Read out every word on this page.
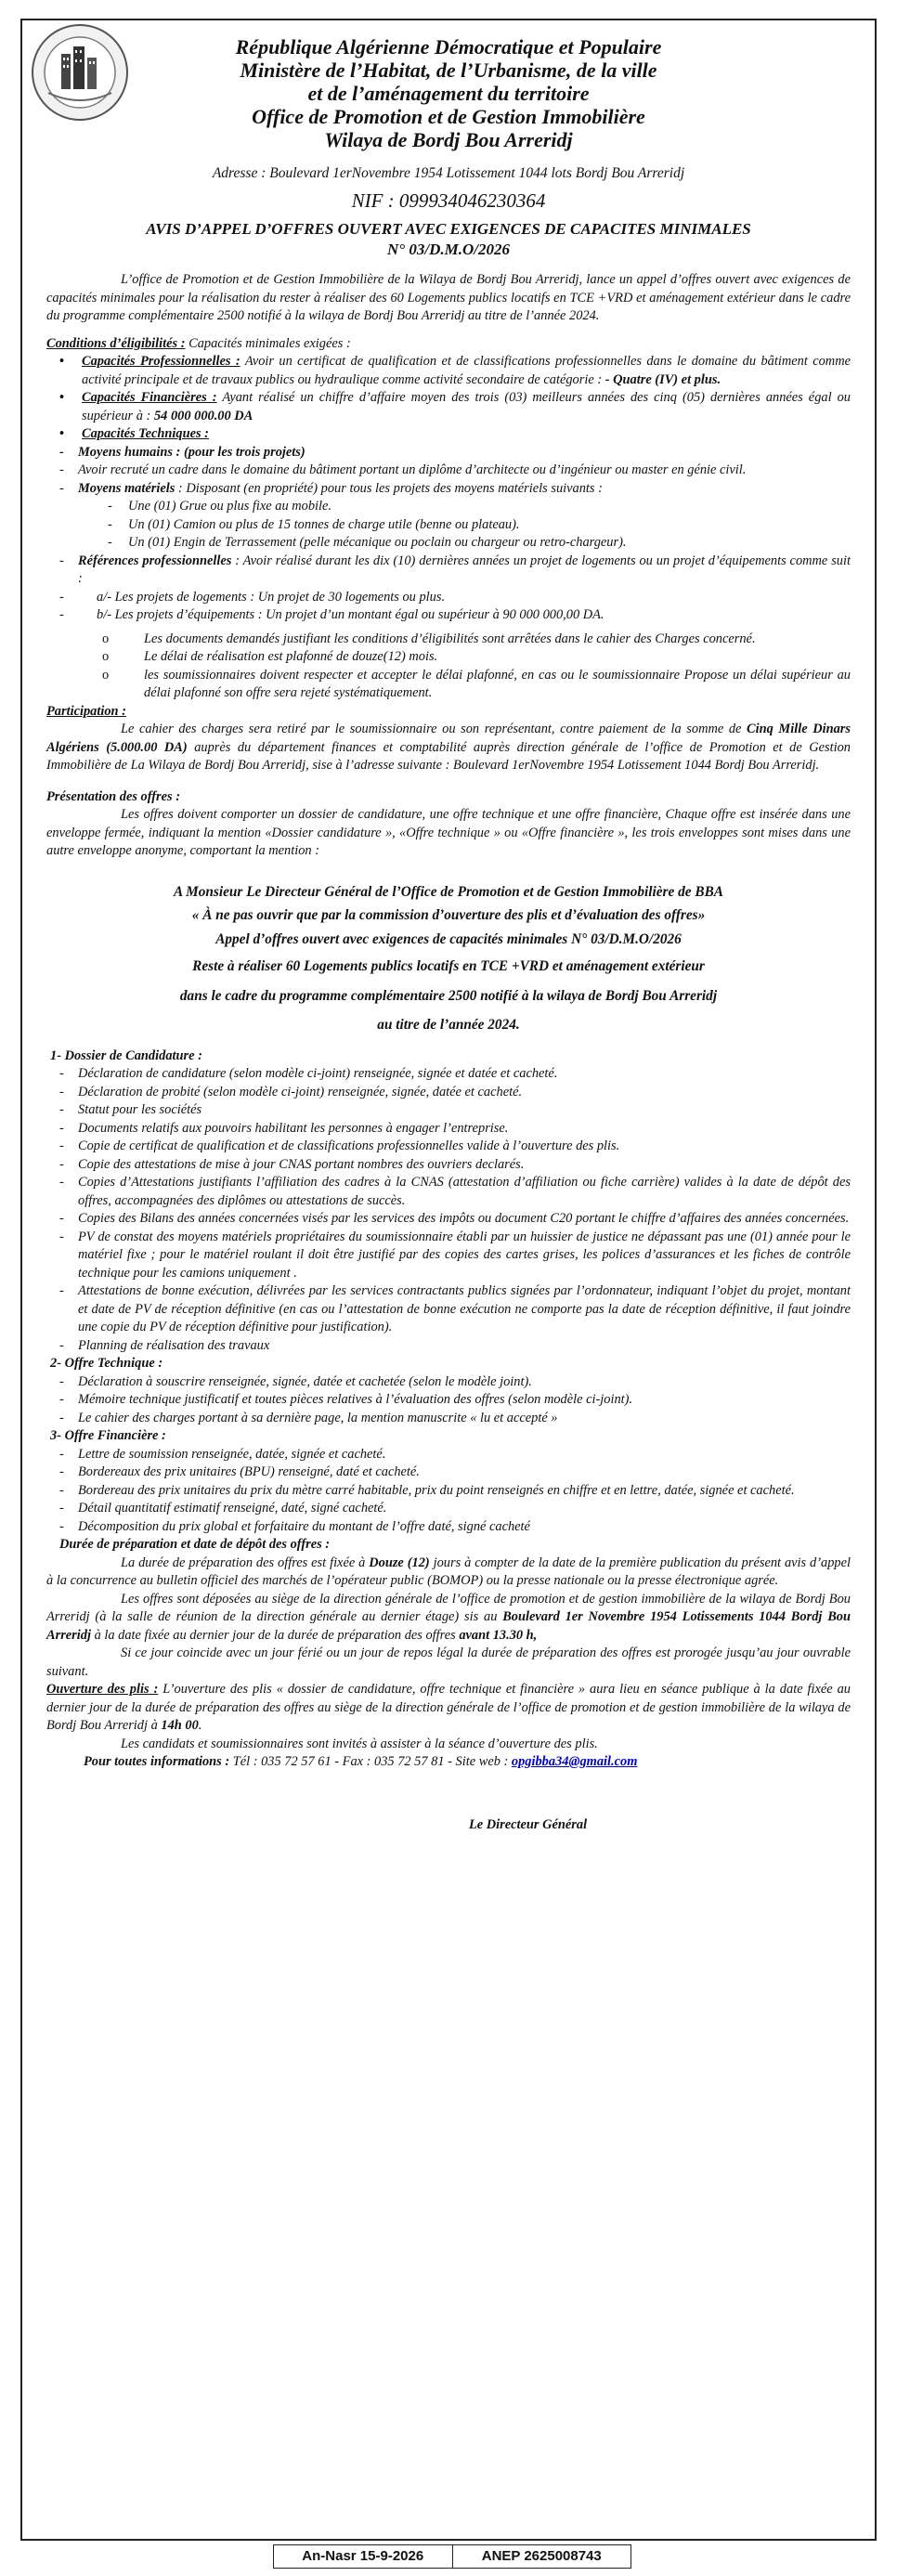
République Algérienne Démocratique et Populaire
Ministère de l’Habitat, de l’Urbanisme, de la ville
et de l’aménagement du territoire
Office de Promotion et de Gestion Immobilière
Wilaya de Bordj Bou Arreridj
Adresse : Boulevard 1erNovembre 1954 Lotissement 1044 lots Bordj Bou Arreridj
NIF : 099934046230364
AVIS D’APPEL D’OFFRES OUVERT AVEC EXIGENCES DE CAPACITES MINIMALES
N° 03/D.M.O/2026

L’office de Promotion et de Gestion Immobilière de la Wilaya de Bordj Bou Arreridj, lance un appel d’offres ouvert avec exigences de capacités minimales pour la réalisation du rester à réaliser des 60 Logements publics locatifs en TCE +VRD et aménagement extérieur dans le cadre du programme complémentaire 2500 notifié à la wilaya de Bordj Bou Arreridj au titre de l’année 2024.

Conditions d’éligibilités : Capacités minimales exigées :

• Capacités Professionnelles : Avoir un certificat de qualification et de classifications professionnelles dans le domaine du bâtiment comme activité principale et de travaux publics ou hydraulique comme activité secondaire de catégorie : - Quatre (IV) et plus.

• Capacités Financières : Ayant réalisé un chiffre d’affaire moyen des trois (03) meilleurs années des cinq (05) dernières années égal ou supérieur à : 54 000 000.00 DA

• Capacités Techniques :

- Moyens humains : (pour les trois projets)

- Avoir recruté un cadre dans le domaine du bâtiment portant un diplôme d’architecte ou d’ingénieur ou master en génie civil.

- Moyens matériels : Disposant (en propriété) pour tous les projets des moyens matériels suivants :

- Une (01) Grue ou plus fixe au mobile.

- Un (01) Camion ou plus de 15 tonnes de charge utile (benne ou plateau).

- Un (01) Engin de Terrassement (pelle mécanique ou poclain ou chargeur ou retro-chargeur).

- Références professionnelles : Avoir réalisé durant les dix (10) dernières années un projet de logements ou un projet d’équipements comme suit :

- a/- Les projets de logements : Un projet de 30 logements ou plus.

- b/- Les projets d’équipements : Un projet d’un montant égal ou supérieur à 90 000 000,00 DA.

o Les documents demandés justifiant les conditions d’éligibilités sont arrêtées dans le cahier des Charges concerné.

o Le délai de réalisation est plafonné de douze(12) mois.

o les soumissionnaires doivent respecter et accepter le délai plafonné, en cas ou le soumissionnaire Propose un délai supérieur au délai plafonné son offre sera rejeté systématiquement.

Participation :

Le cahier des charges sera retiré par le soumissionnaire ou son représentant, contre paiement de la somme de Cinq Mille Dinars Algériens (5.000.00 DA) auprès du département finances et comptabilité auprès direction générale de l’office de Promotion et de Gestion Immobilière de La Wilaya de Bordj Bou Arreridj, sise à l’adresse suivante : Boulevard 1erNovembre 1954 Lotissement 1044 Bordj Bou Arreridj.

Présentation des offres :

Les offres doivent comporter un dossier de candidature, une offre technique et une offre financière, Chaque offre est insérée dans une enveloppe fermée, indiquant la mention «Dossier candidature », «Offre technique » ou «Offre financière », les trois enveloppes sont mises dans une autre enveloppe anonyme, comportant la mention :

A Monsieur Le Directeur Général de l’Office de Promotion et de Gestion Immobilière de BBA

« À ne pas ouvrir que par la commission d’ouverture des plis et d’évaluation des offres»

Appel d’offres ouvert avec exigences de capacités minimales N° 03/D.M.O/2026

Reste à réaliser 60 Logements publics locatifs en TCE +VRD et aménagement extérieur

dans le cadre du programme complémentaire 2500 notifié à la wilaya de Bordj Bou Arreridj

au titre de l’année 2024.

1- Dossier de Candidature :

- Déclaration de candidature (selon modèle ci-joint) renseignée, signée et datée et cacheté.

- Déclaration de probité (selon modèle ci-joint) renseignée, signée, datée et cacheté.

- Statut pour les sociétés

- Documents relatifs aux pouvoirs habilitant les personnes à engager l’entreprise.

- Copie de certificat de qualification et de classifications professionnelles valide à l’ouverture des plis.

- Copie des attestations de mise à jour CNAS portant nombres des ouvriers declarés.

- Copies d’Attestations justifiants l’affiliation des cadres à la CNAS (attestation d’affiliation ou fiche carrière) valides à la date de dépôt des offres, accompagnées des diplômes ou attestations de succès.

- Copies des Bilans des années concernées visés par les services des impôts ou document C20 portant le chiffre d’affaires des années concernées.

- PV de constat des moyens matériels propriétaires du soumissionnaire établi par un huissier de justice ne dépassant pas une (01) année pour le matériel fixe ; pour le matériel roulant il doit être justifié par des copies des cartes grises, les polices d’assurances et les fiches de contrôle technique pour les camions uniquement .

- Attestations de bonne exécution, délivrées par les services contractants publics signées par l’ordonnateur, indiquant l’objet du projet, montant et date de PV de réception définitive (en cas ou l’attestation de bonne exécution ne comporte pas la date de réception définitive, il faut joindre une copie du PV de réception définitive pour justification).

- Planning de réalisation des travaux

2- Offre Technique :

- Déclaration à souscrire renseignée, signée, datée et cachetée (selon le modèle joint).

- Mémoire technique justificatif et toutes pièces relatives à l’évaluation des offres (selon modèle ci-joint).

- Le cahier des charges portant à sa dernière page, la mention manuscrite « lu et accepté »

3- Offre Financière :

- Lettre de soumission renseignée, datée, signée et cacheté.

- Bordereaux des prix unitaires (BPU) renseigné, daté et cacheté.

- Bordereau des prix unitaires du prix du mètre carré habitable, prix du point renseignés en chiffre et en lettre, datée, signée et cacheté.

- Détail quantitatif estimatif renseigné, daté, signé cacheté.

- Décomposition du prix global et forfaitaire du montant de l’offre daté, signé cacheté

Durée de préparation et date de dépôt des offres :

La durée de préparation des offres est fixée à Douze (12) jours à compter de la date de la première publication du présent avis d’appel à la concurrence au bulletin officiel des marchés de l’opérateur public (BOMOP) ou la presse nationale ou la presse électronique agrée.

Les offres sont déposées au siège de la direction générale de l’office de promotion et de gestion immobilière de la wilaya de Bordj Bou Arreridj (à la salle de réunion de la direction générale au dernier étage) sis au Boulevard 1er Novembre 1954 Lotissements 1044 Bordj Bou Arreridj à la date fixée au dernier jour de la durée de préparation des offres avant 13.30 h,

Si ce jour coincide avec un jour férié ou un jour de repos légal la durée de préparation des offres est prorogée jusqu’au jour ouvrable suivant.

Ouverture des plis : L’ouverture des plis « dossier de candidature, offre technique et financière » aura lieu en séance publique à la date fixée au dernier jour de la durée de préparation des offres au siège de la direction générale de l’office de promotion et de gestion immobilière de la wilaya de Bordj Bou Arreridj à 14h 00.

Les candidats et soumissionnaires sont invités à assister à la séance d’ouverture des plis.

Pour toutes informations : Tél : 035 72 57 61 - Fax : 035 72 57 81 - Site web : opgibba34@gmail.com

Le Directeur Général

An-Nasr 15-9-2026	ANEP 2625008743
